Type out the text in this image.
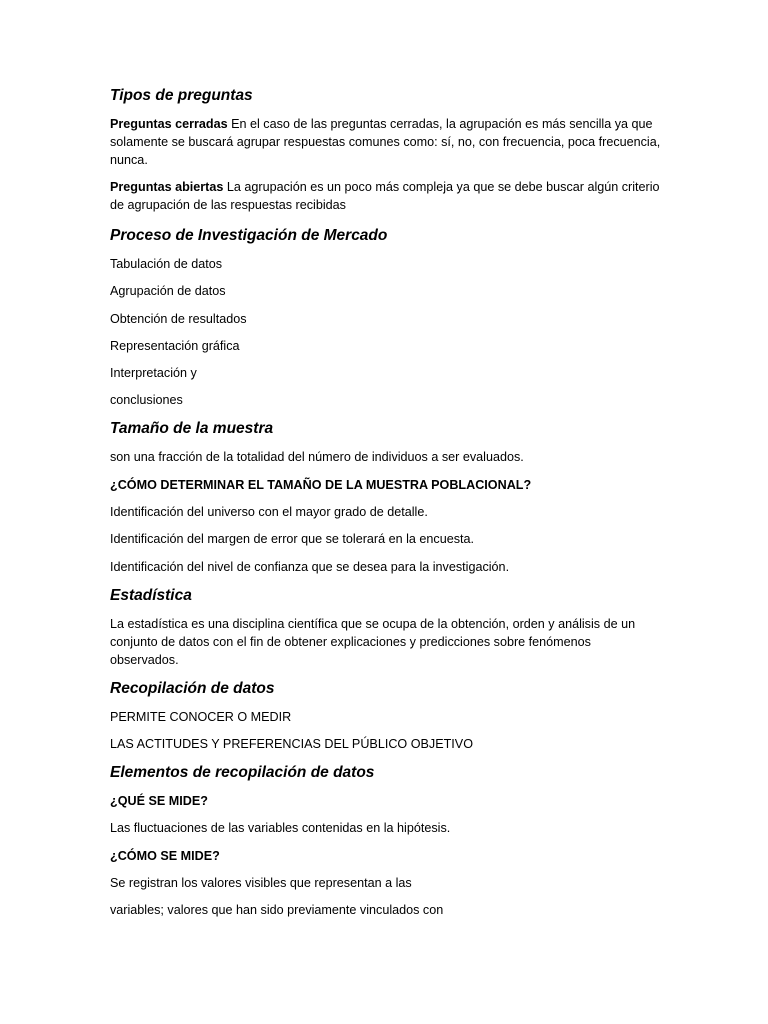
Tipos de preguntas

Preguntas cerradas En el caso de las preguntas cerradas, la agrupación es más sencilla ya que solamente se buscará agrupar respuestas comunes como: sí, no, con frecuencia, poca frecuencia, nunca.

Preguntas abiertas La agrupación es un poco más compleja ya que se debe buscar algún criterio de agrupación de las respuestas recibidas

Proceso de Investigación de Mercado

Tabulación de datos

Agrupación de datos

Obtención de resultados

Representación gráfica

Interpretación y

conclusiones

Tamaño de la muestra

son una fracción de la totalidad del número de individuos a ser evaluados.

¿CÓMO DETERMINAR EL TAMAÑO DE LA MUESTRA POBLACIONAL?

Identificación del universo con el mayor grado de detalle.

Identificación del margen de error que se tolerará en la encuesta.

Identificación del nivel de confianza que se desea para la investigación.

Estadística

La estadística es una disciplina científica que se ocupa de la obtención, orden y análisis de un conjunto de datos con el fin de obtener explicaciones y predicciones sobre fenómenos observados.

Recopilación de datos

PERMITE CONOCER O MEDIR

LAS ACTITUDES Y PREFERENCIAS DEL PÚBLICO OBJETIVO

Elementos de recopilación de datos

¿QUÉ SE MIDE?

Las fluctuaciones de las variables contenidas en la hipótesis.

¿CÓMO SE MIDE?

Se registran los valores visibles que representan a las

variables; valores que han sido previamente vinculados con
